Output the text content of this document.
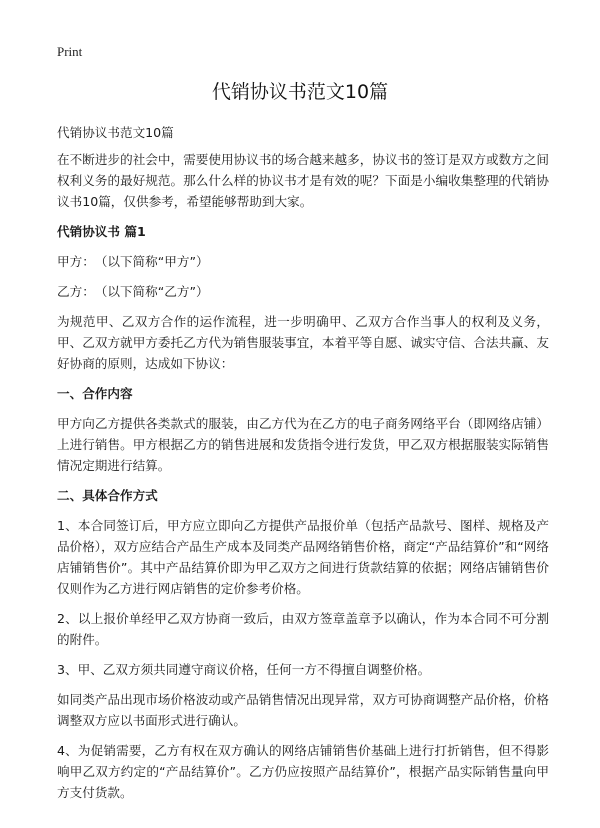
Print
代销协议书范文10篇
代销协议书范文10篇
在不断进步的社会中，需要使用协议书的场合越来越多，协议书的签订是双方或数方之间权利义务的最好规范。那么什么样的协议书才是有效的呢？下面是小编收集整理的代销协议书10篇，仅供参考，希望能够帮助到大家。
代销协议书 篇1
甲方：　（以下简称“甲方”）
乙方：　（以下简称“乙方”）
为规范甲、乙双方合作的运作流程，进一步明确甲、乙双方合作当事人的权利及义务，甲、乙双方就甲方委托乙方代为销售服装事宜，本着平等自愿、诚实守信、合法共赢、友好协商的原则，达成如下协议：
一、合作内容
甲方向乙方提供各类款式的服装，由乙方代为在乙方的电子商务网络平台（即网络店铺）上进行销售。甲方根据乙方的销售进展和发货指令进行发货，甲乙双方根据服装实际销售情况定期进行结算。
二、具体合作方式
1、本合同签订后，甲方应立即向乙方提供产品报价单（包括产品款号、图样、规格及产品价格），双方应结合产品生产成本及同类产品网络销售价格，商定“产品结算价”和“网络店铺销售价”。其中产品结算价即为甲乙双方之间进行货款结算的依据；网络店铺销售价仅则作为乙方进行网店销售的定价参考价格。
2、以上报价单经甲乙双方协商一致后，由双方签章盖章予以确认，作为本合同不可分割的附件。
3、甲、乙双方须共同遵守商议价格，任何一方不得擅自调整价格。
如同类产品出现市场价格波动或产品销售情况出现异常，双方可协商调整产品价格，价格调整双方应以书面形式进行确认。
4、为促销需要，乙方有权在双方确认的网络店铺销售价基础上进行打折销售，但不得影响甲乙双方约定的“产品结算价”。乙方仍应按照产品结算价”，根据产品实际销售量向甲方支付货款。
